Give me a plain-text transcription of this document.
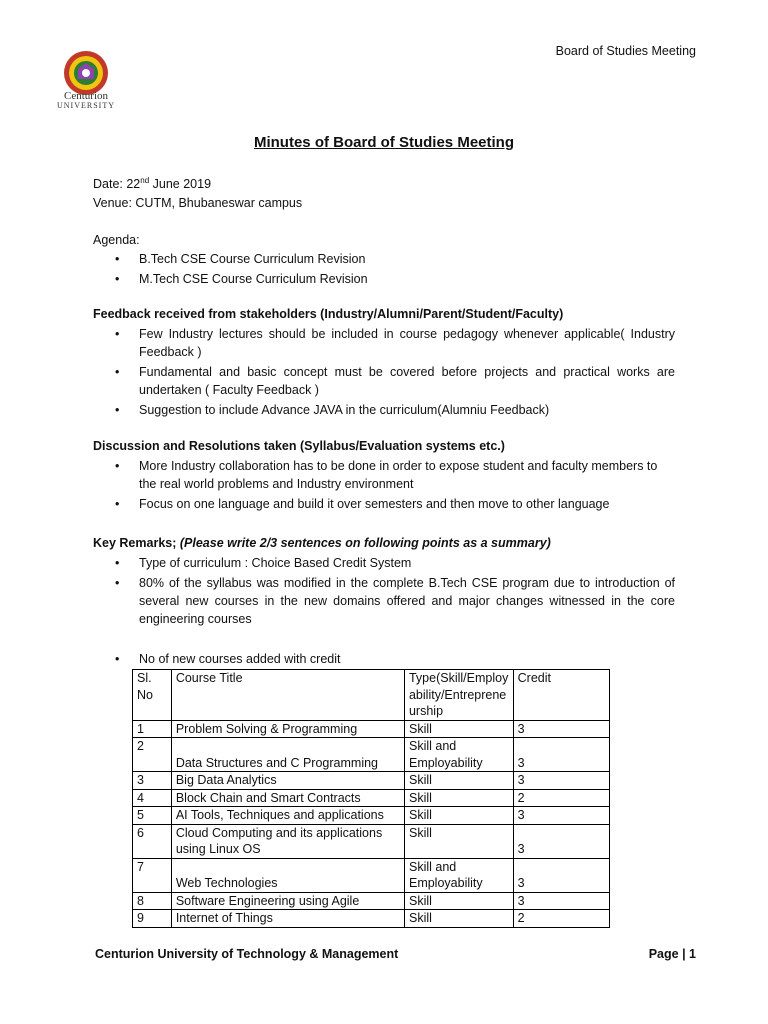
Centurion
UNIVERSITY
Board of Studies Meeting
Minutes of Board of Studies Meeting
Date: 22nd June 2019
Venue: CUTM, Bhubaneswar campus
Agenda:

• B.Tech CSE Course Curriculum Revision

• M.Tech CSE Course Curriculum Revision

Feedback received from stakeholders (Industry/Alumni/Parent/Student/Faculty)

• Few Industry lectures should be included in course pedagogy whenever applicable( Industry Feedback )

• Fundamental and basic concept must be covered before projects and practical works are undertaken ( Faculty Feedback )

• Suggestion to include Advance JAVA in the curriculum(Alumniu Feedback)

Discussion and Resolutions taken (Syllabus/Evaluation systems etc.)

• More Industry collaboration has to be done in order to expose student and faculty members to the real world problems and Industry environment

• Focus on one language and build it over semesters and then move to other language

Key Remarks; (Please write 2/3 sentences on following points as a summary)

• Type of curriculum : Choice Based Credit System

• 80% of the syllabus was modified in the complete B.Tech CSE program due to introduction of several new courses in the new domains offered and major changes witnessed in the core engineering courses

• No of new courses added with credit

Sl. No	Course Title	Type(Skill/Employability/Entrepreneurship	Credit
1	Problem Solving & Programming	Skill	3
2	Data Structures and C Programming	Skill and Employability	3
3	Big Data Analytics	Skill	3
4	Block Chain and Smart Contracts	Skill	2
5	AI Tools, Techniques and applications	Skill	3
6	Cloud Computing and its applications using Linux OS	Skill	3
7	Web Technologies	Skill and Employability	3
8	Software Engineering using Agile	Skill	3
9	Internet of Things	Skill	2
Centurion University of Technology & Management	Page | 1
